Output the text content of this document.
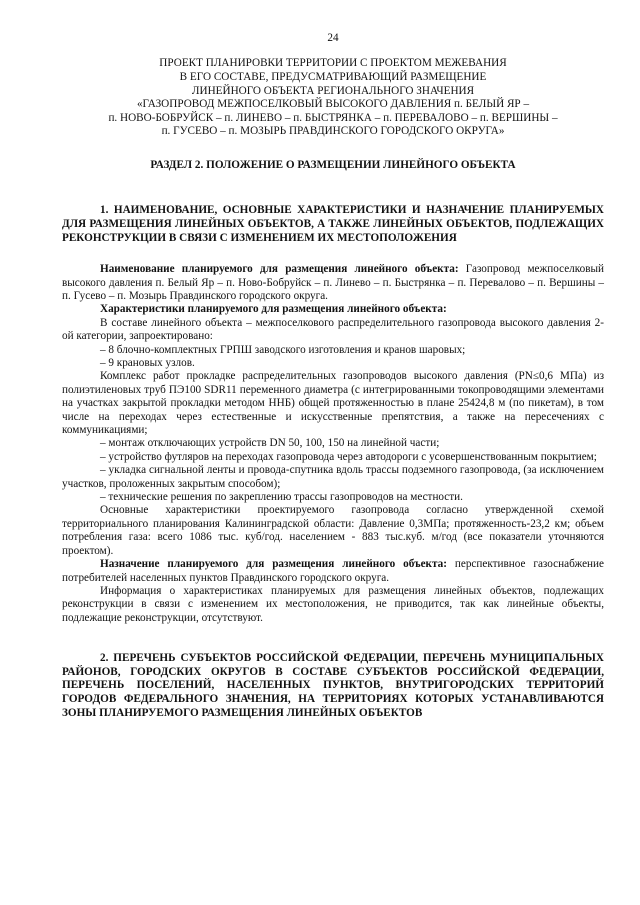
24
ПРОЕКТ ПЛАНИРОВКИ ТЕРРИТОРИИ С ПРОЕКТОМ МЕЖЕВАНИЯ
В ЕГО СОСТАВЕ, ПРЕДУСМАТРИВАЮЩИЙ РАЗМЕЩЕНИЕ
ЛИНЕЙНОГО ОБЪЕКТА РЕГИОНАЛЬНОГО ЗНАЧЕНИЯ
«ГАЗОПРОВОД МЕЖПОСЕЛКОВЫЙ ВЫСОКОГО ДАВЛЕНИЯ п. БЕЛЫЙ ЯР –
п. НОВО-БОБРУЙСК – п. ЛИНЕВО – п. БЫСТРЯНКА – п. ПЕРЕВАЛОВО – п. ВЕРШИНЫ –
п. ГУСЕВО – п. МОЗЫРЬ ПРАВДИНСКОГО ГОРОДСКОГО ОКРУГА»
РАЗДЕЛ 2. ПОЛОЖЕНИЕ О РАЗМЕЩЕНИИ ЛИНЕЙНОГО ОБЪЕКТА
1. НАИМЕНОВАНИЕ, ОСНОВНЫЕ ХАРАКТЕРИСТИКИ И НАЗНАЧЕНИЕ ПЛАНИРУЕМЫХ ДЛЯ РАЗМЕЩЕНИЯ ЛИНЕЙНЫХ ОБЪЕКТОВ, А ТАКЖЕ ЛИНЕЙНЫХ ОБЪЕКТОВ, ПОДЛЕЖАЩИХ РЕКОНСТРУКЦИИ В СВЯЗИ С ИЗМЕНЕНИЕМ ИХ МЕСТОПОЛОЖЕНИЯ

Наименование планируемого для размещения линейного объекта: Газопровод межпоселковый высокого давления п. Белый Яр – п. Ново-Бобруйск – п. Линево – п. Быстрянка – п. Перевалово – п. Вершины – п. Гусево – п. Мозырь Правдинского городского округа.

Характеристики планируемого для размещения линейного объекта:

В составе линейного объекта – межпоселкового распределительного газопровода высокого давления 2-ой категории, запроектировано:

– 8 блочно-комплектных ГРПШ заводского изготовления и кранов шаровых;

– 9 крановых узлов.

Комплекс работ прокладке распределительных газопроводов высокого давления (PN≤0,6 МПа) из полиэтиленовых труб ПЭ100 SDR11 переменного диаметра (с интегрированными токопроводящими элементами на участках закрытой прокладки методом ННБ) общей протяженностью в плане 25424,8 м (по пикетам), в том числе на переходах через естественные и искусственные препятствия, а также на пересечениях с коммуникациями;

– монтаж отключающих устройств DN 50, 100, 150 на линейной части;

– устройство футляров на переходах газопровода через автодороги с усовершенствованным покрытием;

– укладка сигнальной ленты и провода-спутника вдоль трассы подземного газопровода, (за исключением участков, проложенных закрытым способом);

– технические решения по закреплению трассы газопроводов на местности.

Основные характеристики проектируемого газопровода согласно утвержденной схемой территориального планирования Калининградской области: Давление 0,3МПа; протяженность-23,2 км; объем потребления газа: всего 1086 тыс. куб/год. населением - 883 тыс.куб. м/год (все показатели уточняются проектом).

Назначение планируемого для размещения линейного объекта: перспективное газоснабжение потребителей населенных пунктов Правдинского городского округа.

Информация о характеристиках планируемых для размещения линейных объектов, подлежащих реконструкции в связи с изменением их местоположения, не приводится, так как линейные объекты, подлежащие реконструкции, отсутствуют.

2. ПЕРЕЧЕНЬ СУБЪЕКТОВ РОССИЙСКОЙ ФЕДЕРАЦИИ, ПЕРЕЧЕНЬ МУНИЦИПАЛЬНЫХ РАЙОНОВ, ГОРОДСКИХ ОКРУГОВ В СОСТАВЕ СУБЪЕКТОВ РОССИЙСКОЙ ФЕДЕРАЦИИ, ПЕРЕЧЕНЬ ПОСЕЛЕНИЙ, НАСЕЛЕННЫХ ПУНКТОВ, ВНУТРИГОРОДСКИХ ТЕРРИТОРИЙ ГОРОДОВ ФЕДЕРАЛЬНОГО ЗНАЧЕНИЯ, НА ТЕРРИТОРИЯХ КОТОРЫХ УСТАНАВЛИВАЮТСЯ ЗОНЫ ПЛАНИРУЕМОГО РАЗМЕЩЕНИЯ ЛИНЕЙНЫХ ОБЪЕКТОВ
